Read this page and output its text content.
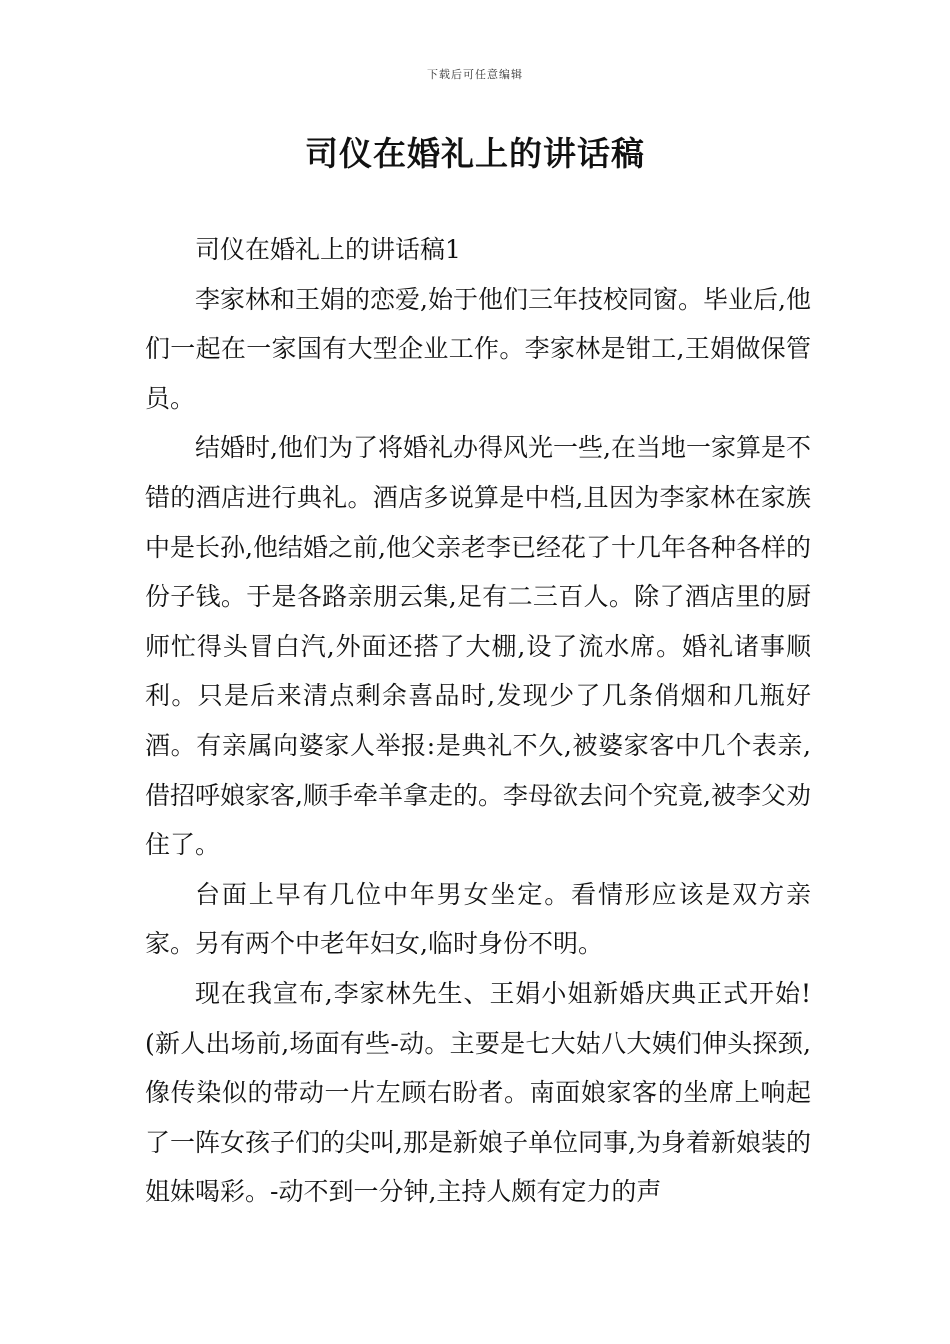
下载后可任意编辑
司仪在婚礼上的讲话稿

司仪在婚礼上的讲话稿1

李家林和王娟的恋爱,始于他们三年技校同窗。毕业后,他们一起在一家国有大型企业工作。李家林是钳工,王娟做保管员。

结婚时,他们为了将婚礼办得风光一些,在当地一家算是不错的酒店进行典礼。酒店多说算是中档,且因为李家林在家族中是长孙,他结婚之前,他父亲老李已经花了十几年各种各样的份子钱。于是各路亲朋云集,足有二三百人。除了酒店里的厨师忙得头冒白汽,外面还搭了大棚,设了流水席。婚礼诸事顺利。只是后来清点剩余喜品时,发现少了几条俏烟和几瓶好酒。有亲属向婆家人举报:是典礼不久,被婆家客中几个表亲,借招呼娘家客,顺手牵羊拿走的。李母欲去问个究竟,被李父劝住了。

台面上早有几位中年男女坐定。看情形应该是双方亲家。另有两个中老年妇女,临时身份不明。

现在我宣布,李家林先生、王娟小姐新婚庆典正式开始!(新人出场前,场面有些-动。主要是七大姑八大姨们伸头探颈,像传染似的带动一片左顾右盼者。南面娘家客的坐席上响起了一阵女孩子们的尖叫,那是新娘子单位同事,为身着新娘装的姐妹喝彩。-动不到一分钟,主持人颇有定力的声
